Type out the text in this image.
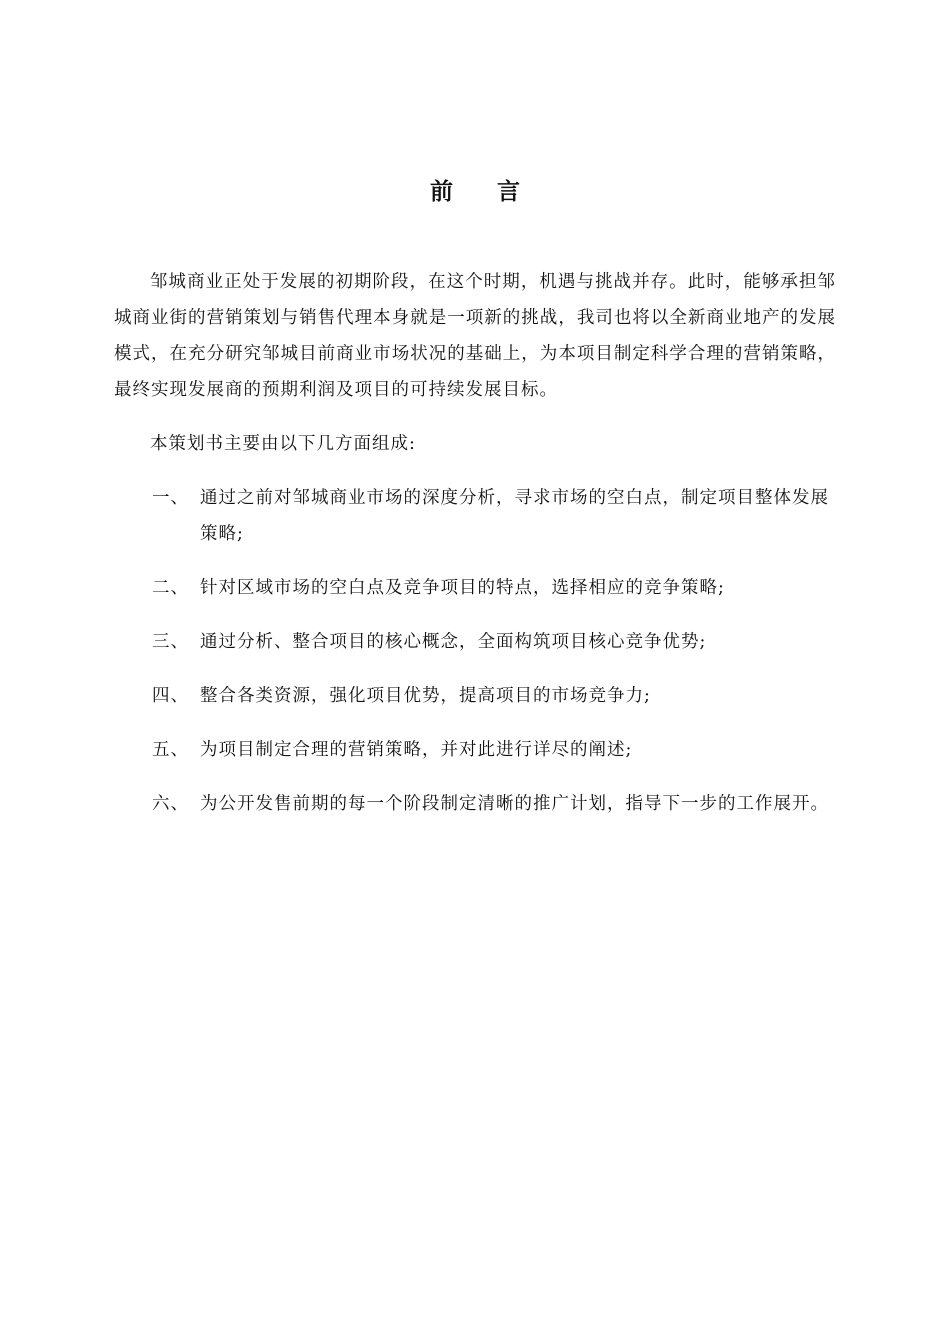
前 言

邹城商业正处于发展的初期阶段，在这个时期，机遇与挑战并存。此时，能够承担邹城商业街的营销策划与销售代理本身就是一项新的挑战，我司也将以全新商业地产的发展模式，在充分研究邹城目前商业市场状况的基础上，为本项目制定科学合理的营销策略，最终实现发展商的预期利润及项目的可持续发展目标。

本策划书主要由以下几方面组成:

一、 通过之前对邹城商业市场的深度分析，寻求市场的空白点，制定项目整体发展策略;
二、 针对区域市场的空白点及竞争项目的特点，选择相应的竞争策略;
三、 通过分析、整合项目的核心概念，全面构筑项目核心竞争优势;
四、 整合各类资源，强化项目优势，提高项目的市场竞争力;
五、 为项目制定合理的营销策略，并对此进行详尽的阐述;
六、 为公开发售前期的每一个阶段制定清晰的推广计划，指导下一步的工作展开。
